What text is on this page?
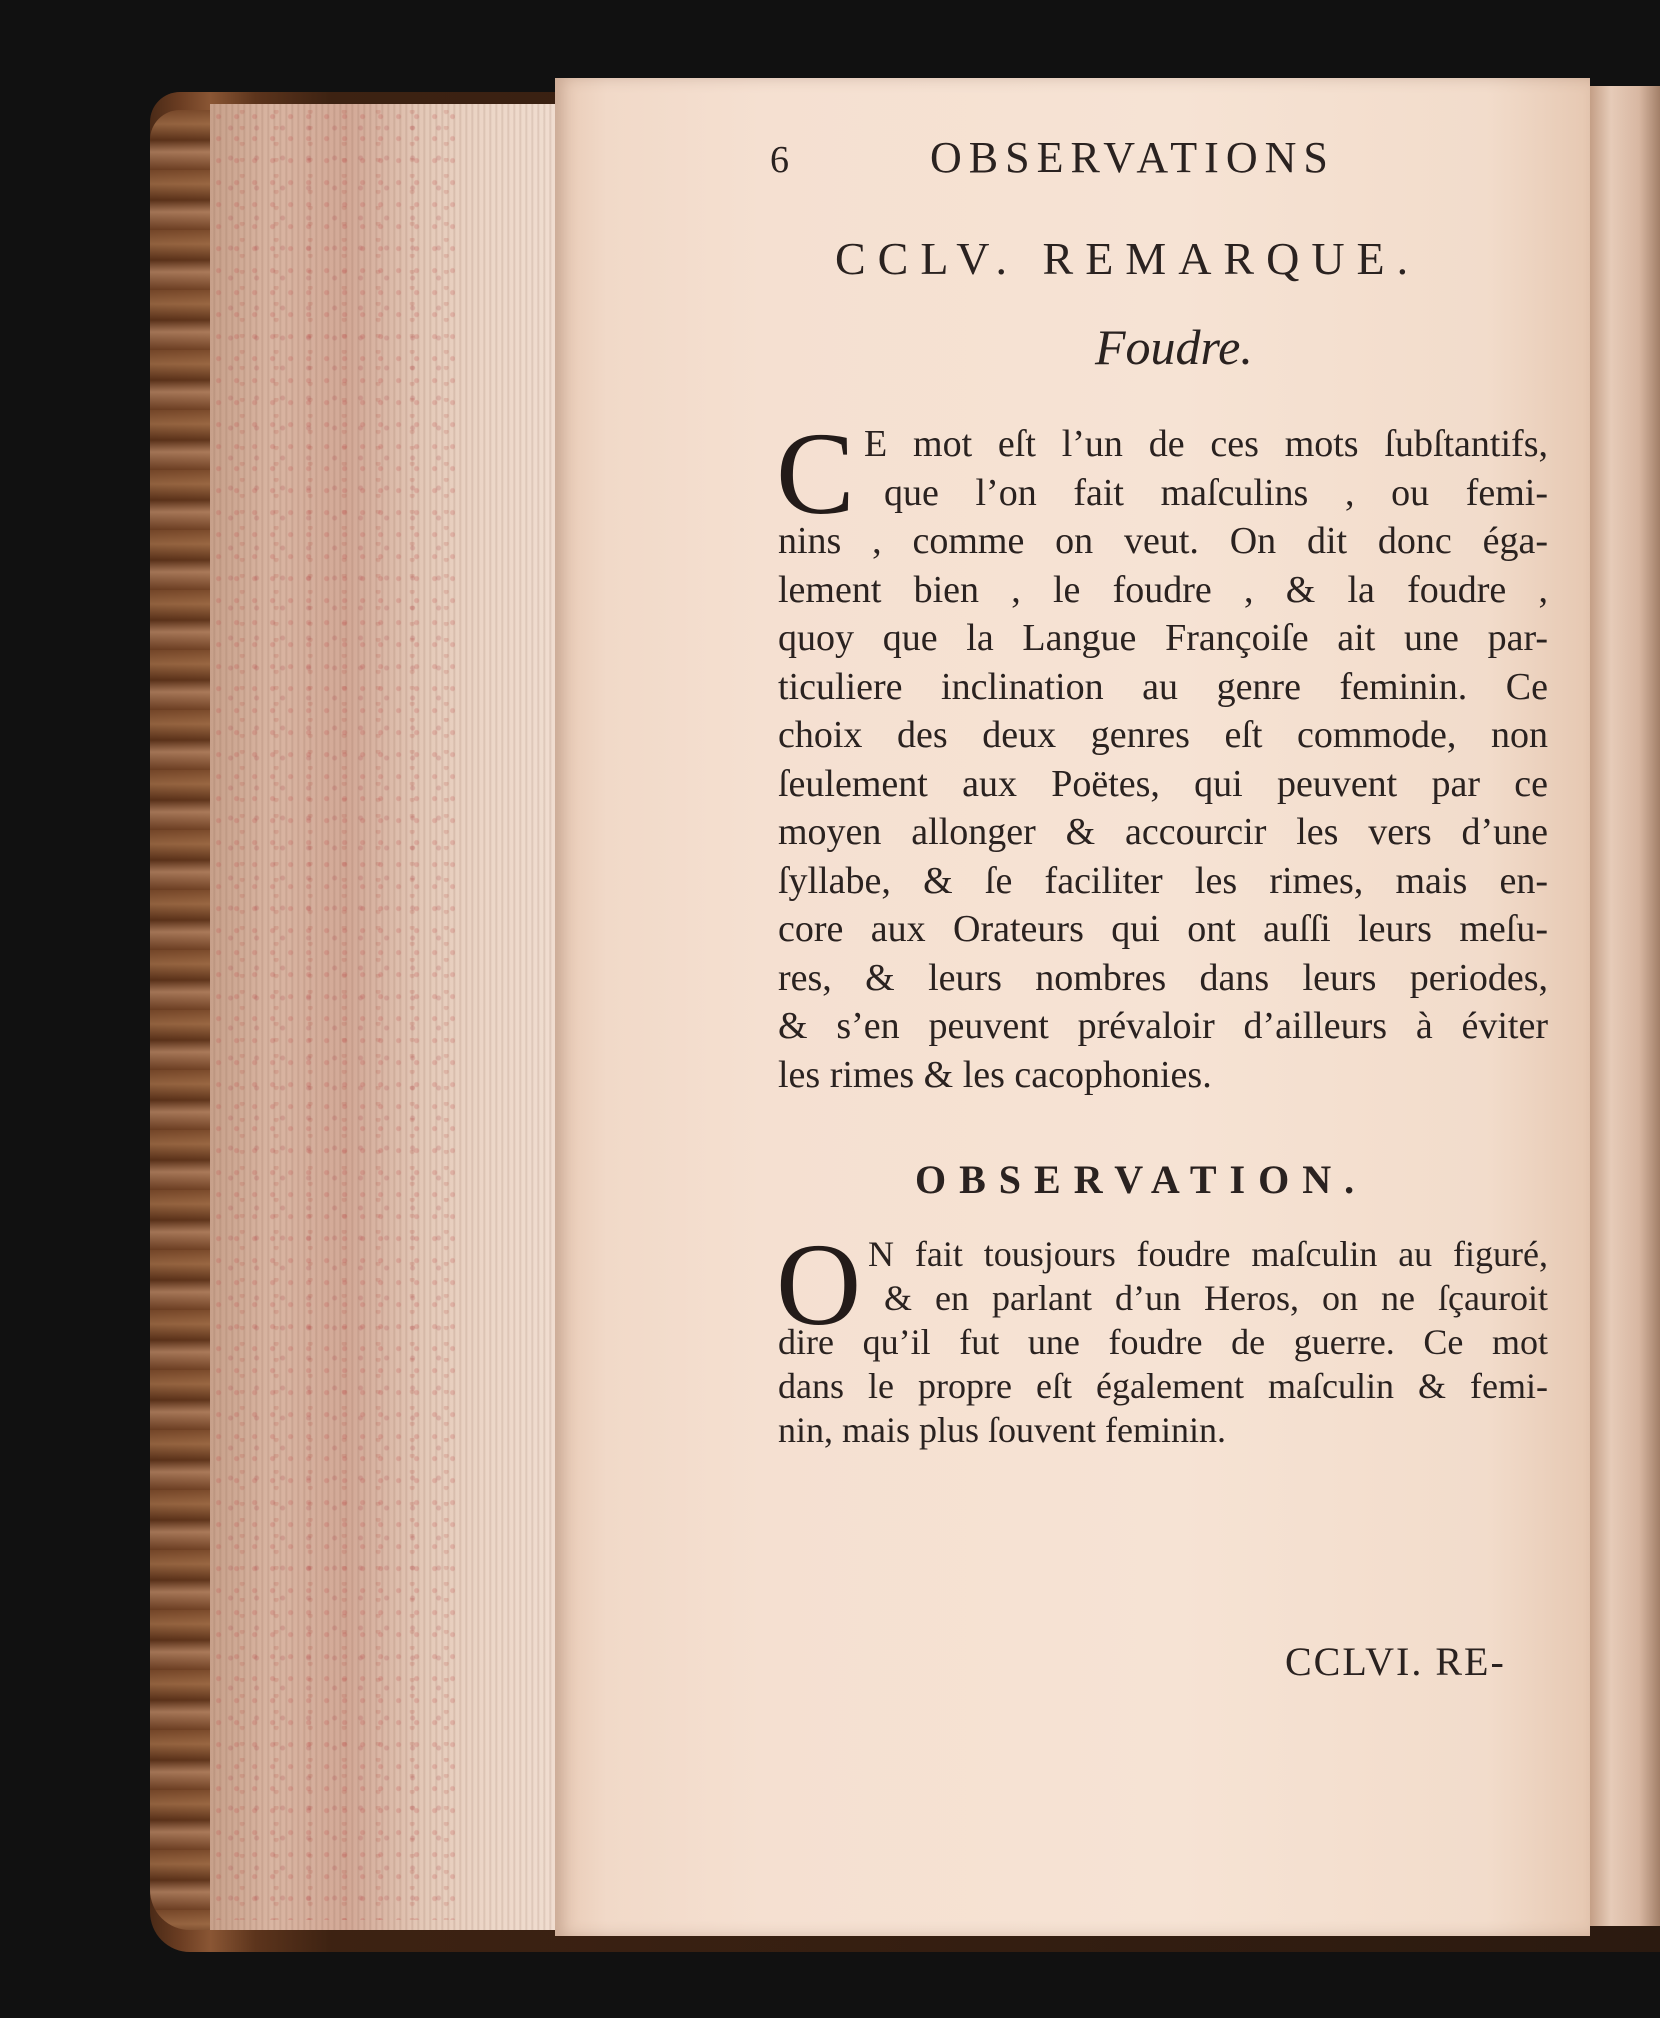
6	OBSERVATIONS
CCLV. REMARQUE.
Foudre.
C E mot eſt l’un de ces mots ſubſtantifs,
que l’on fait maſculins , ou femi-
nins , comme on veut. On dit donc éga-
lement bien , le foudre , & la foudre ,
quoy que la Langue Françoiſe ait une par-
ticuliere inclination au genre feminin. Ce
choix des deux genres eſt commode, non
ſeulement aux Poëtes, qui peuvent par ce
moyen allonger & accourcir les vers d’une
ſyllabe, & ſe faciliter les rimes, mais en-
core aux Orateurs qui ont auſſi leurs meſu-
res, & leurs nombres dans leurs periodes,
& s’en peuvent prévaloir d’ailleurs à éviter
les rimes & les cacophonies.
OBSERVATION.
O N fait tousjours foudre maſculin au figuré,
& en parlant d’un Heros, on ne ſçauroit
dire qu’il fut une foudre de guerre. Ce mot
dans le propre eſt également maſculin & femi-
nin, mais plus ſouvent feminin.
CCLVI. RE-
